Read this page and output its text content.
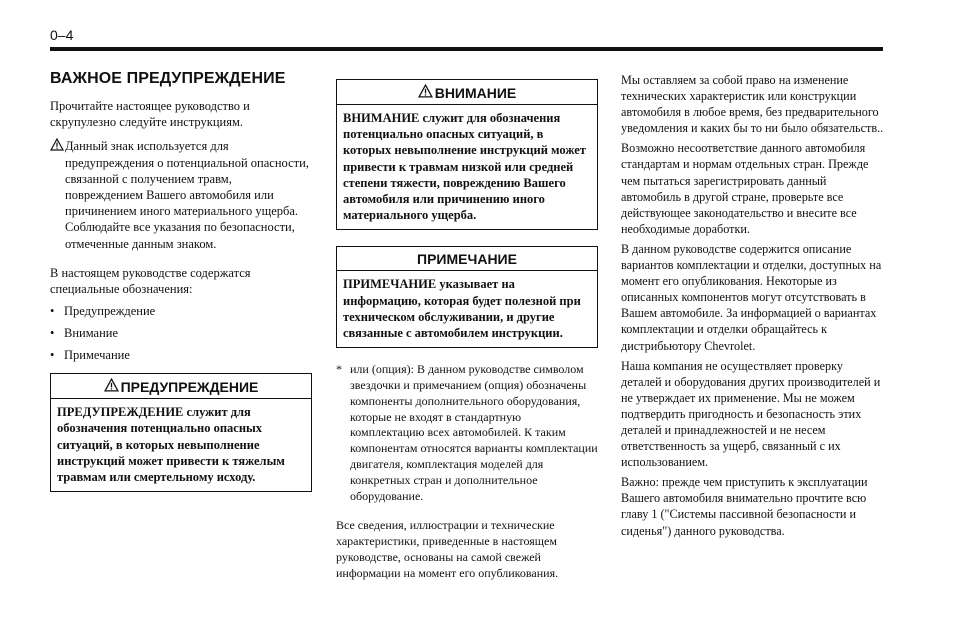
0–4
ВАЖНОЕ ПРЕДУПРЕЖДЕНИЕ

Прочитайте настоящее руководство и скрупулезно следуйте инструкциям.

Данный знак используется для предупреждения о потенциальной опасности, связанной с получением травм, повреждением Вашего автомобиля или причинением иного материального ущерба. Соблюдайте все указания по безопасности, отмеченные данным знаком.

В настоящем руководстве содержатся специальные обозначения:

• Предупреждение
• Внимание
• Примечание
ПРЕДУПРЕЖДЕНИЕ
ПРЕДУПРЕЖДЕНИЕ служит для обозначения потенциально опасных ситуаций, в которых невыполнение инструкций может привести к тяжелым травмам или смертельному исходу.
ВНИМАНИЕ
ВНИМАНИЕ служит для обозначения потенциально опасных ситуаций, в которых невыполнение инструкций может привести к травмам низкой или средней степени тяжести, повреждению Вашего автомобиля или причинению иного материального ущерба.
ПРИМЕЧАНИЕ
ПРИМЕЧАНИЕ указывает на информацию, которая будет полезной при техническом обслуживании, и другие связанные с автомобилем инструкции.

* или (опция): В данном руководстве символом звездочки и примечанием (опция) обозначены компоненты дополнительного оборудования, которые не входят в стандартную комплектацию всех автомобилей. К таким компонентам относятся варианты комплектации двигателя, комплектация моделей для конкретных стран и дополнительное оборудование.

Все сведения, иллюстрации и технические характеристики, приведенные в настоящем руководстве, основаны на самой свежей информации на момент его опубликования.

Мы оставляем за собой право на изменение технических характеристик или конструкции автомобиля в любое время, без предварительного уведомления и каких бы то ни было обязательств..

Возможно несоответствие данного автомобиля стандартам и нормам отдельных стран. Прежде чем пытаться зарегистрировать данный автомобиль в другой стране, проверьте все действующее законодательство и внесите все необходимые доработки.

В данном руководстве содержится описание вариантов комплектации и отделки, доступных на момент его опубликования. Некоторые из описанных компонентов могут отсутствовать в Вашем автомобиле. За информацией о вариантах комплектации и отделки обращайтесь к дистрибьютору Chevrolet.

Наша компания не осуществляет проверку деталей и оборудования других производителей и не утверждает их применение. Мы не можем подтвердить пригодность и безопасность этих деталей и принадлежностей и не несем ответственность за ущерб, связанный с их использованием.

Важно: прежде чем приступить к эксплуатации Вашего автомобиля внимательно прочтите всю главу 1 ("Системы пассивной безопасности и сиденья") данного руководства.
